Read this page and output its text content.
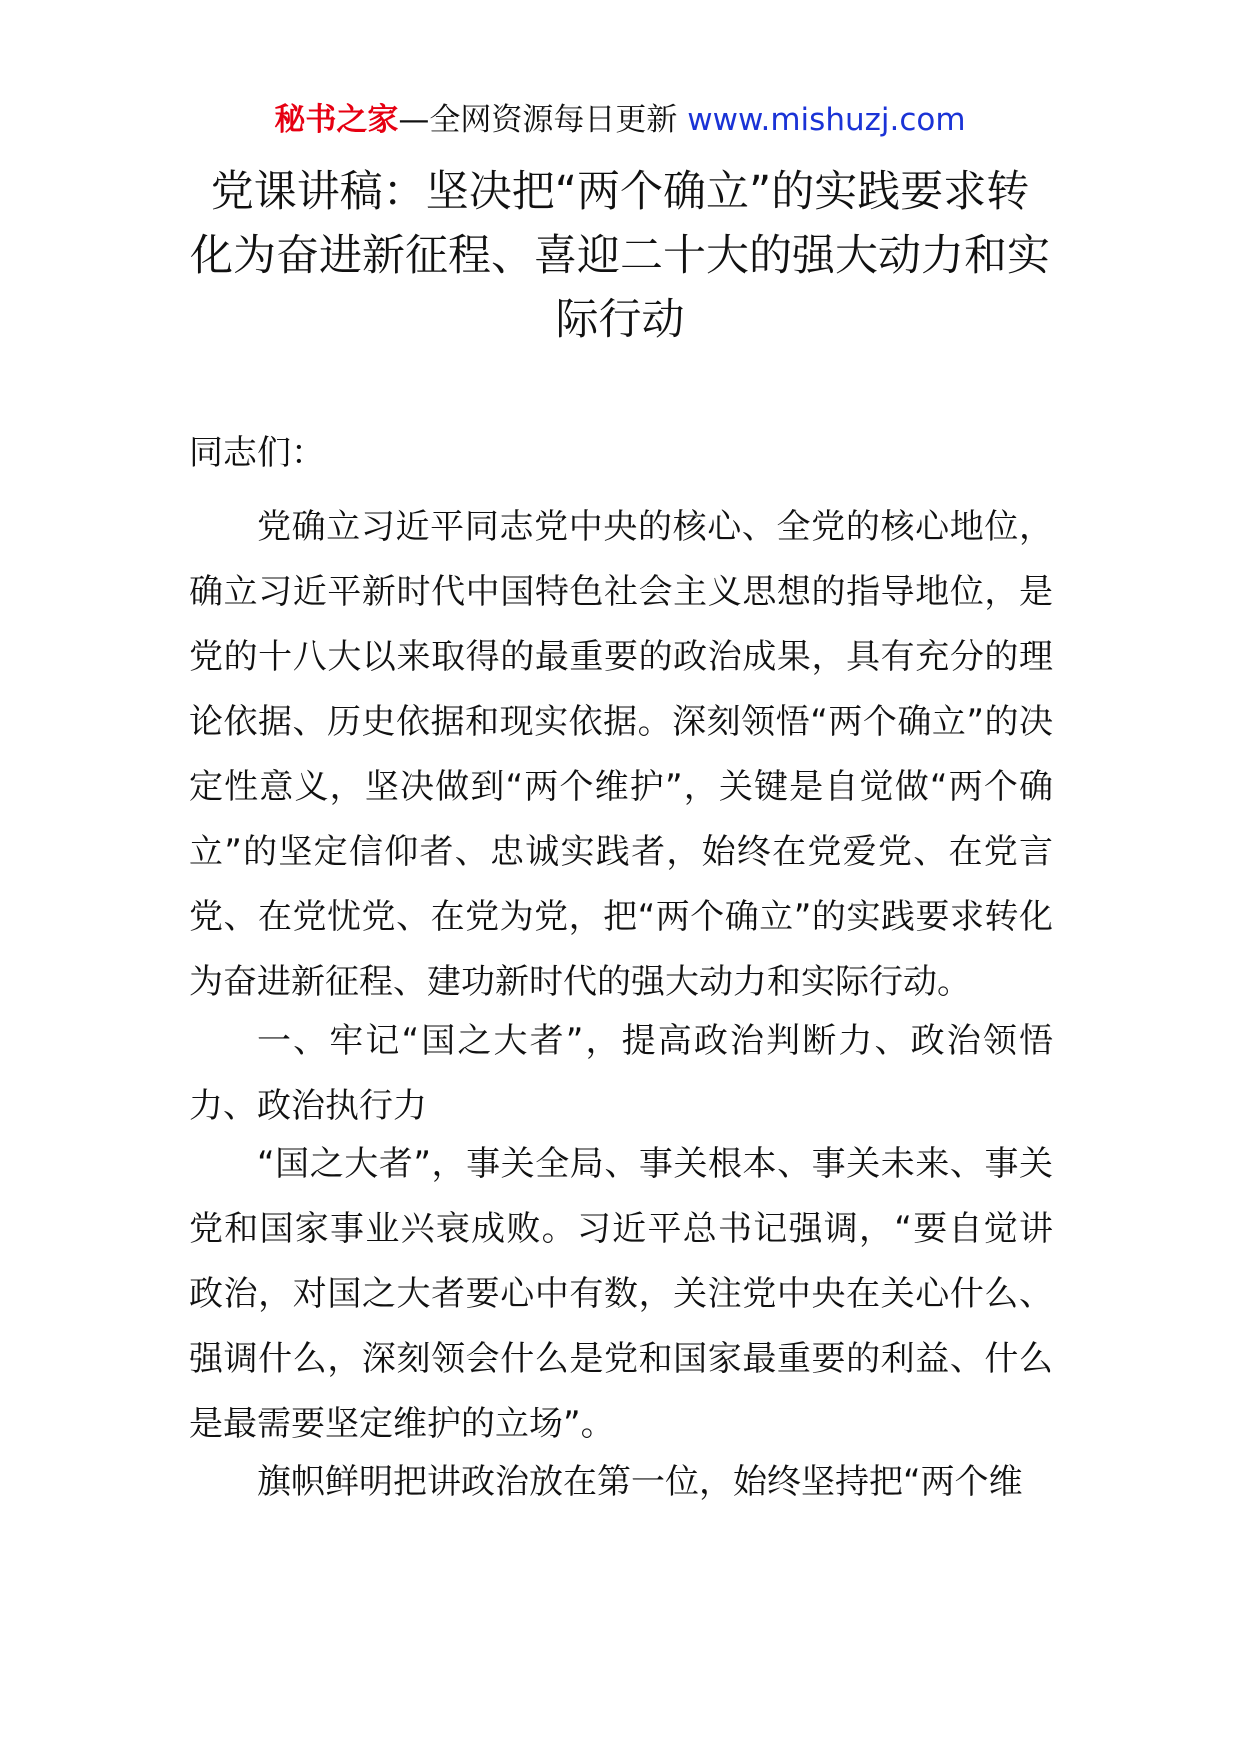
秘书之家—全网资源每日更新 www.mishuzj.com
党课讲稿：坚决把“两个确立”的实践要求转化为奋进新征程、喜迎二十大的强大动力和实际行动

同志们：

党确立习近平同志党中央的核心、全党的核心地位，确立习近平新时代中国特色社会主义思想的指导地位，是党的十八大以来取得的最重要的政治成果，具有充分的理论依据、历史依据和现实依据。深刻领悟“两个确立”的决定性意义，坚决做到“两个维护”，关键是自觉做“两个确立”的坚定信仰者、忠诚实践者，始终在党爱党、在党言党、在党忧党、在党为党，把“两个确立”的实践要求转化为奋进新征程、建功新时代的强大动力和实际行动。

一、牢记“国之大者”，提高政治判断力、政治领悟力、政治执行力

“国之大者”，事关全局、事关根本、事关未来、事关党和国家事业兴衰成败。习近平总书记强调，“要自觉讲政治，对国之大者要心中有数，关注党中央在关心什么、强调什么，深刻领会什么是党和国家最重要的利益、什么是最需要坚定维护的立场”。

旗帜鲜明把讲政治放在第一位，始终坚持把“两个维
